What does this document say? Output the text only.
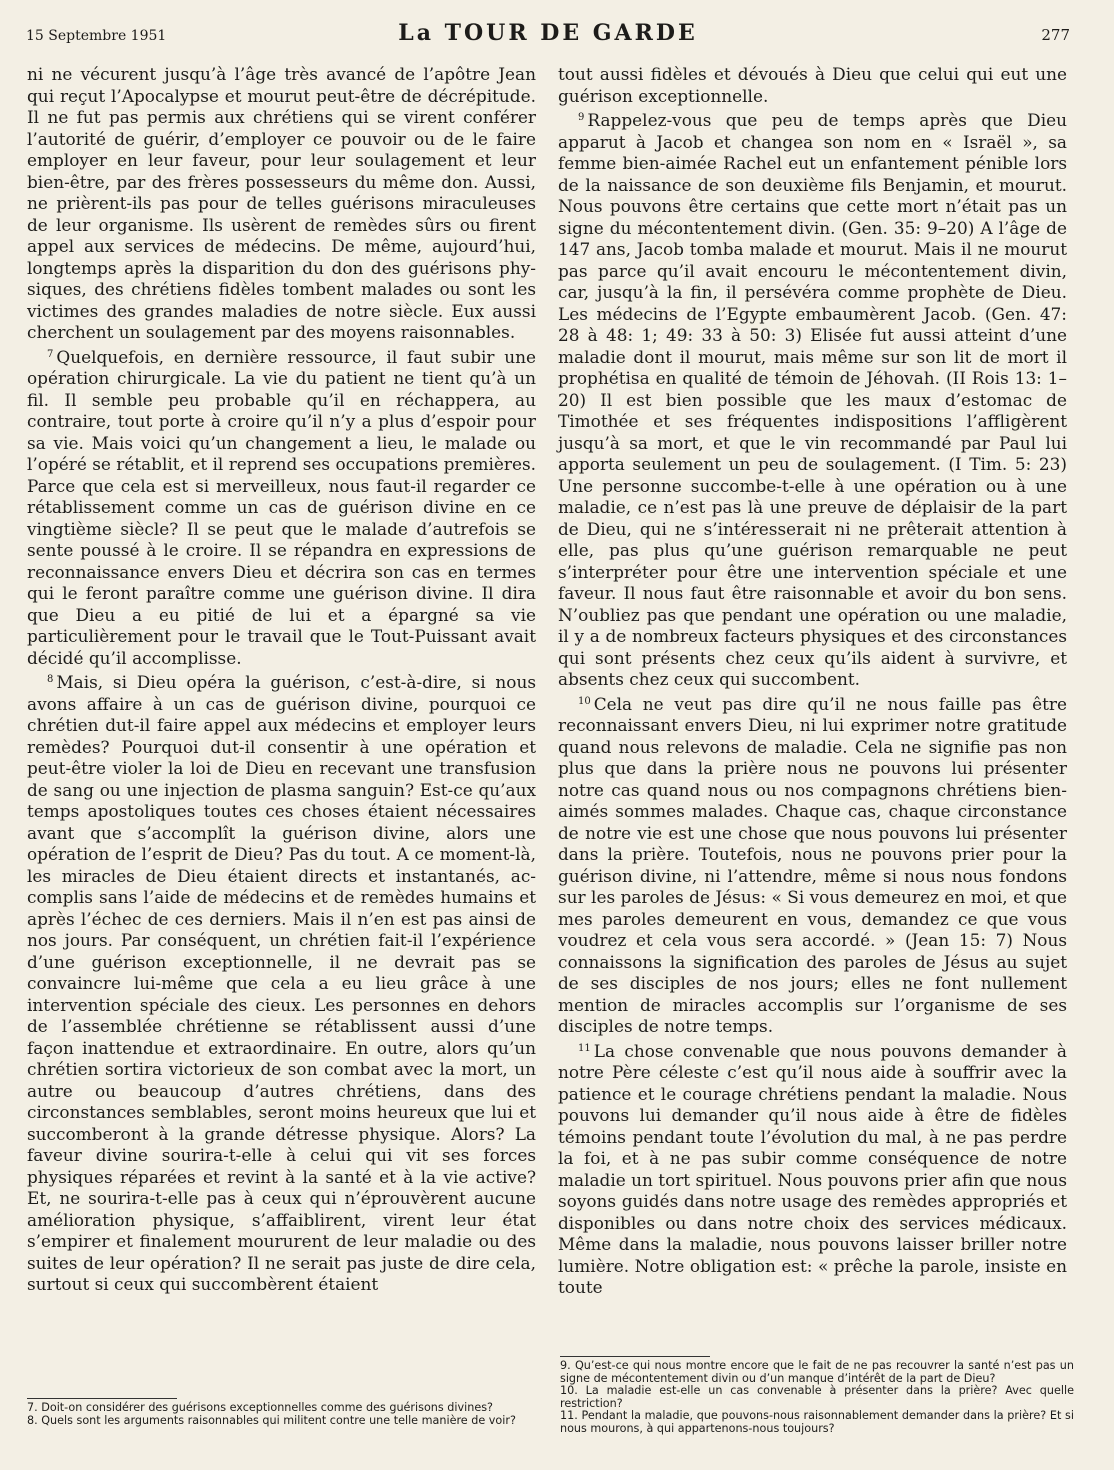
15 Septembre 1951	La TOUR DE GARDE	277

ni ne vécurent jusqu’à l’âge très avancé de l’apôtre Jean qui reçut l’Apocalypse et mourut peut-être de décrépitude. Il ne fut pas permis aux chrétiens qui se virent conférer l’autorité de guérir, d’employer ce pouvoir ou de le faire employer en leur faveur, pour leur soulagement et leur bien-être, par des frères possesseurs du même don. Aussi, ne prièrent-ils pas pour de telles guérisons miraculeuses de leur organisme. Ils usèrent de remèdes sûrs ou firent appel aux services de médecins. De même, aujourd’hui, longtemps après la disparition du don des guérisons physiques, des chrétiens fidèles tombent malades ou sont les victimes des grandes maladies de notre siècle. Eux aussi cherchent un soulagement par des moyens raisonnables.

$^7$ Quelquefois, en dernière ressource, il faut subir une opération chirurgicale. La vie du patient ne tient qu’à un fil. Il semble peu probable qu’il en réchappera, au contraire, tout porte à croire qu’il n’y a plus d’espoir pour sa vie. Mais voici qu’un changement a lieu, le malade ou l’opéré se rétablit, et il reprend ses occupations premières. Parce que cela est si merveilleux, nous faut-il regarder ce rétablissement comme un cas de guérison divine en ce vingtième siècle? Il se peut que le malade d’autrefois se sente poussé à le croire. Il se répandra en expressions de reconnaissance envers Dieu et décrira son cas en termes qui le feront paraître comme une guérison divine. Il dira que Dieu a eu pitié de lui et a épargné sa vie particulièrement pour le travail que le Tout-Puissant avait décidé qu’il accomplisse.

$^8$ Mais, si Dieu opéra la guérison, c’est-à-dire, si nous avons affaire à un cas de guérison divine, pourquoi ce chrétien dut-il faire appel aux médecins et employer leurs remèdes? Pourquoi dut-il consentir à une opération et peut-être violer la loi de Dieu en recevant une transfusion de sang ou une injection de plasma sanguin? Est-ce qu’aux temps apostoliques toutes ces choses étaient nécessaires avant que s’accomplît la guérison divine, alors une opération de l’esprit de Dieu? Pas du tout. A ce moment-là, les miracles de Dieu étaient directs et instantanés, accomplis sans l’aide de médecins et de remèdes humains et après l’échec de ces derniers. Mais il n’en est pas ainsi de nos jours. Par conséquent, un chrétien fait-il l’expérience d’une guérison exceptionnelle, il ne devrait pas se convaincre lui-même que cela a eu lieu grâce à une intervention spéciale des cieux. Les personnes en dehors de l’assemblée chrétienne se rétablissent aussi d’une façon inattendue et extraordinaire. En outre, alors qu’un chrétien sortira victorieux de son combat avec la mort, un autre ou beaucoup d’autres chrétiens, dans des circonstances semblables, seront moins heureux que lui et succomberont à la grande détresse physique. Alors? La faveur divine sourira-t-elle à celui qui vit ses forces physiques réparées et revint à la santé et à la vie active? Et, ne sourira-t-elle pas à ceux qui n’éprouvèrent aucune amélioration physique, s’affaiblirent, virent leur état s’empirer et finalement moururent de leur maladie ou des suites de leur opération? Il ne serait pas juste de dire cela, surtout si ceux qui succombèrent étaient

tout aussi fidèles et dévoués à Dieu que celui qui eut une guérison exceptionnelle.

$^9$ Rappelez-vous que peu de temps après que Dieu apparut à Jacob et changea son nom en « Israël », sa femme bien-aimée Rachel eut un enfantement pénible lors de la naissance de son deuxième fils Benjamin, et mourut. Nous pouvons être certains que cette mort n’était pas un signe du mécontentement divin. (Gen. 35: 9–20) A l’âge de 147 ans, Jacob tomba malade et mourut. Mais il ne mourut pas parce qu’il avait encouru le mécontentement divin, car, jusqu’à la fin, il persévéra comme prophète de Dieu. Les médecins de l’Egypte embaumèrent Jacob. (Gen. 47: 28 à 48: 1; 49: 33 à 50: 3) Elisée fut aussi atteint d’une maladie dont il mourut, mais même sur son lit de mort il prophétisa en qualité de témoin de Jéhovah. (II Rois 13: 1–20) Il est bien possible que les maux d’estomac de Timothée et ses fréquentes indispositions l’affligèrent jusqu’à sa mort, et que le vin recommandé par Paul lui apporta seulement un peu de soulagement. (I Tim. 5: 23) Une personne succombe-t-elle à une opération ou à une maladie, ce n’est pas là une preuve de déplaisir de la part de Dieu, qui ne s’intéresserait ni ne prêterait attention à elle, pas plus qu’une guérison remarquable ne peut s’interpréter pour être une intervention spéciale et une faveur. Il nous faut être raisonnable et avoir du bon sens. N’oubliez pas que pendant une opération ou une maladie, il y a de nombreux facteurs physiques et des circonstances qui sont présents chez ceux qu’ils aident à survivre, et absents chez ceux qui succombent.

$^{10}$ Cela ne veut pas dire qu’il ne nous faille pas être reconnaissant envers Dieu, ni lui exprimer notre gratitude quand nous relevons de maladie. Cela ne signifie pas non plus que dans la prière nous ne pouvons lui présenter notre cas quand nous ou nos compagnons chrétiens bien-aimés sommes malades. Chaque cas, chaque circonstance de notre vie est une chose que nous pouvons lui présenter dans la prière. Toutefois, nous ne pouvons prier pour la guérison divine, ni l’attendre, même si nous nous fondons sur les paroles de Jésus: « Si vous demeurez en moi, et que mes paroles demeurent en vous, demandez ce que vous voudrez et cela vous sera accordé. » (Jean 15: 7) Nous connaissons la signification des paroles de Jésus au sujet de ses disciples de nos jours; elles ne font nullement mention de miracles accomplis sur l’organisme de ses disciples de notre temps.

$^{11}$ La chose convenable que nous pouvons demander à notre Père céleste c’est qu’il nous aide à souffrir avec la patience et le courage chrétiens pendant la maladie. Nous pouvons lui demander qu’il nous aide à être de fidèles témoins pendant toute l’évolution du mal, à ne pas perdre la foi, et à ne pas subir comme conséquence de notre maladie un tort spirituel. Nous pouvons prier afin que nous soyons guidés dans notre usage des remèdes appropriés et disponibles ou dans notre choix des services médicaux. Même dans la maladie, nous pouvons laisser briller notre lumière. Notre obligation est: « prêche la parole, insiste en toute

7. Doit-on considérer des guérisons exceptionnelles comme des guérisons divines?

8. Quels sont les arguments raisonnables qui militent contre une telle manière de voir?

9. Qu’est-ce qui nous montre encore que le fait de ne pas recouvrer la santé n’est pas un signe de mécontentement divin ou d’un manque d’intérêt de la part de Dieu?

10. La maladie est-elle un cas convenable à présenter dans la prière? Avec quelle restriction?

11. Pendant la maladie, que pouvons-nous raisonnablement demander dans la prière? Et si nous mourons, à qui appartenons-nous toujours?
